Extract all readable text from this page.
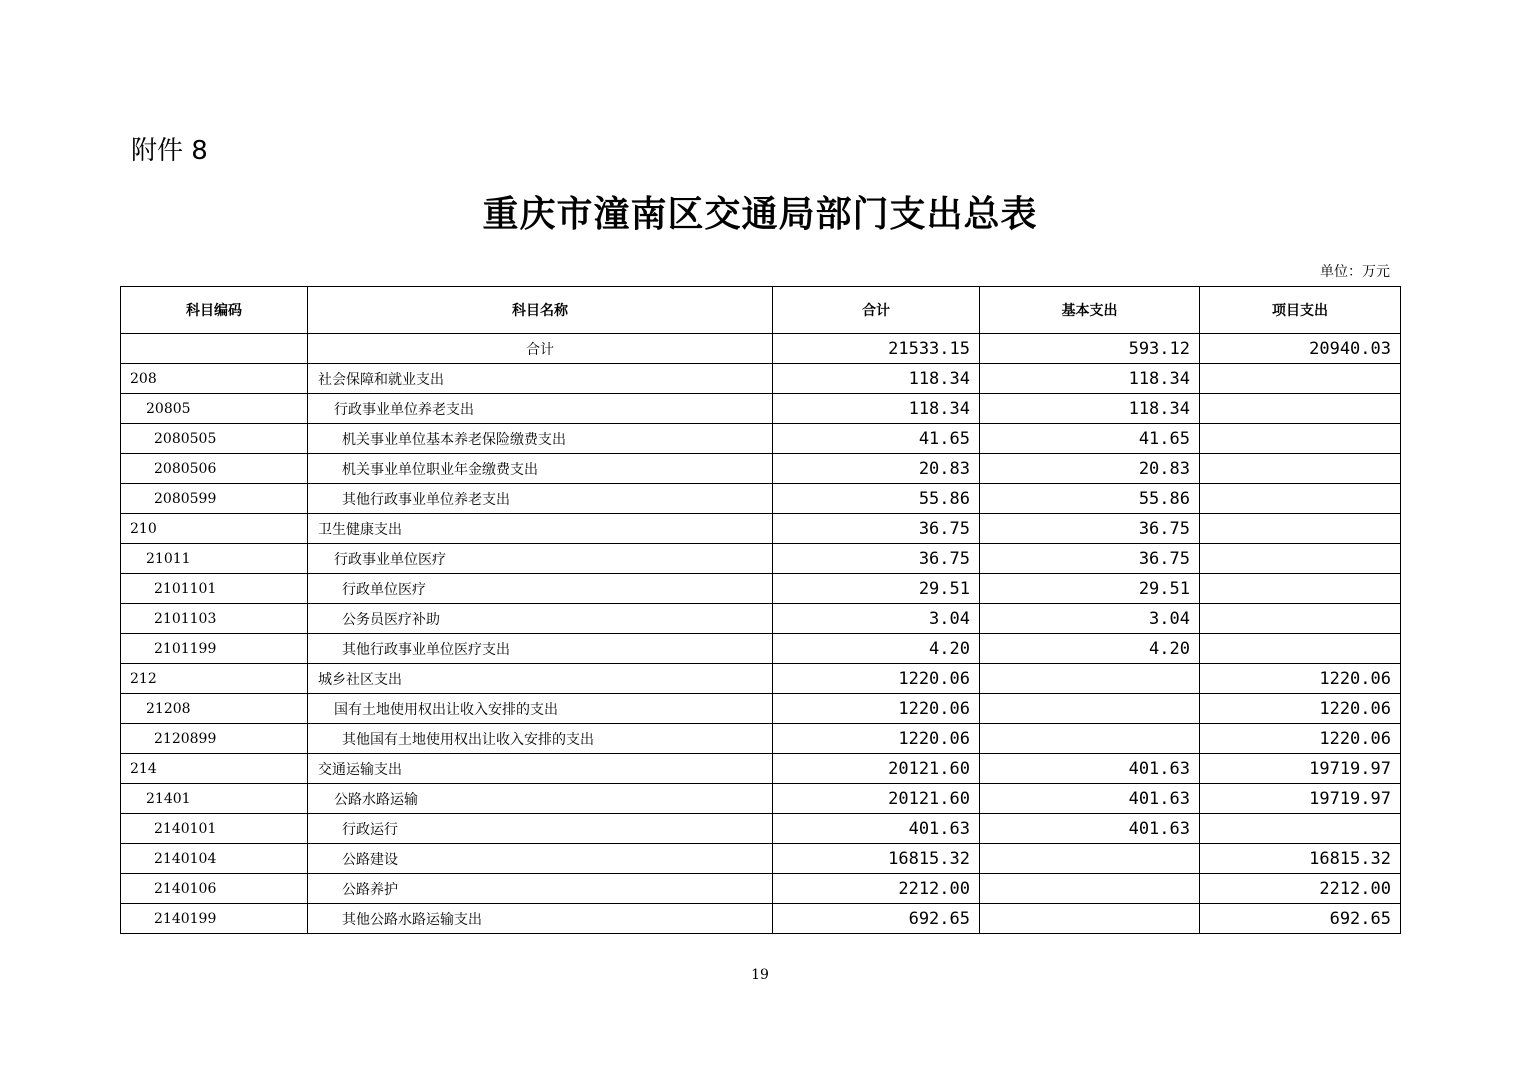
附件 8
重庆市潼南区交通局部门支出总表
单位：万元
科目编码	科目名称	合计	基本支出	项目支出
	合计	21533.15	593.12	20940.03
208	社会保障和就业支出	118.34	118.34	
20805	行政事业单位养老支出	118.34	118.34	
2080505	机关事业单位基本养老保险缴费支出	41.65	41.65	
2080506	机关事业单位职业年金缴费支出	20.83	20.83	
2080599	其他行政事业单位养老支出	55.86	55.86	
210	卫生健康支出	36.75	36.75	
21011	行政事业单位医疗	36.75	36.75	
2101101	行政单位医疗	29.51	29.51	
2101103	公务员医疗补助	3.04	3.04	
2101199	其他行政事业单位医疗支出	4.20	4.20	
212	城乡社区支出	1220.06		1220.06
21208	国有土地使用权出让收入安排的支出	1220.06		1220.06
2120899	其他国有土地使用权出让收入安排的支出	1220.06		1220.06
214	交通运输支出	20121.60	401.63	19719.97
21401	公路水路运输	20121.60	401.63	19719.97
2140101	行政运行	401.63	401.63	
2140104	公路建设	16815.32		16815.32
2140106	公路养护	2212.00		2212.00
2140199	其他公路水路运输支出	692.65		692.65
19
